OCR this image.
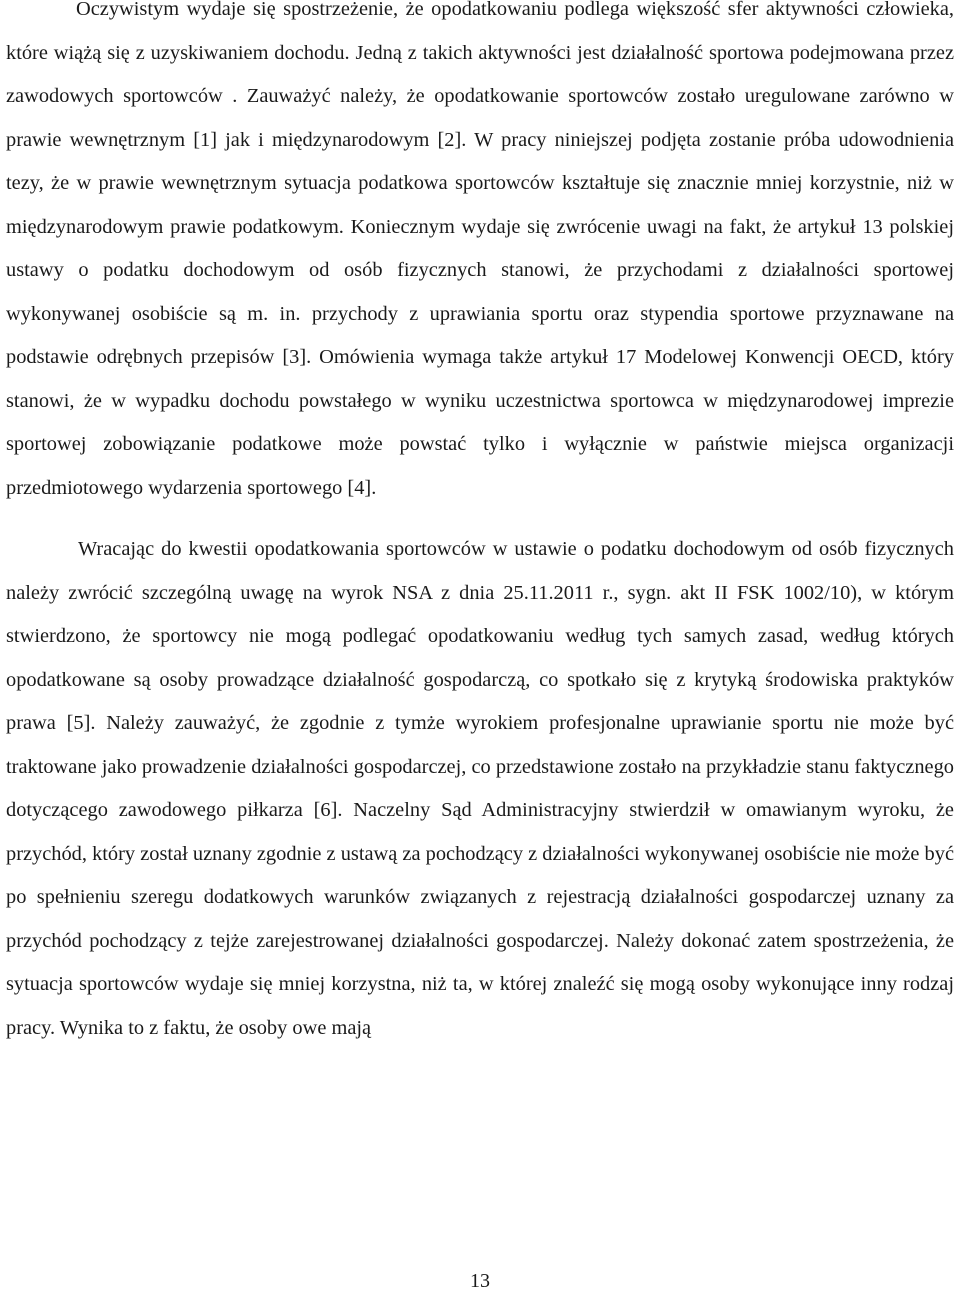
Oczywistym wydaje się spostrzeżenie, że opodatkowaniu podlega większość sfer aktywności człowieka, które wiążą się z uzyskiwaniem dochodu. Jedną z takich aktywności jest działalność sportowa podejmowana przez zawodowych sportowców . Zauważyć należy, że opodatkowanie sportowców zostało uregulowane zarówno w prawie wewnętrznym [1] jak i międzynarodowym [2]. W pracy niniejszej podjęta zostanie próba udowodnienia tezy, że w prawie wewnętrznym sytuacja podatkowa sportowców kształtuje się znacznie mniej korzystnie, niż w międzynarodowym prawie podatkowym. Koniecznym wydaje się zwrócenie uwagi na fakt, że artykuł 13 polskiej ustawy o podatku dochodowym od osób fizycznych stanowi, że przychodami z działalności sportowej wykonywanej osobiście są m. in. przychody z uprawiania sportu oraz stypendia sportowe przyznawane na podstawie odrębnych przepisów [3]. Omówienia wymaga także artykuł 17 Modelowej Konwencji OECD, który stanowi, że w wypadku dochodu powstałego w wyniku uczestnictwa sportowca w międzynarodowej imprezie sportowej zobowiązanie podatkowe może powstać tylko i wyłącznie w państwie miejsca organizacji przedmiotowego wydarzenia sportowego [4].

Wracając do kwestii opodatkowania sportowców w ustawie o podatku dochodowym od osób fizycznych należy zwrócić szczególną uwagę na wyrok NSA z dnia 25.11.2011 r., sygn. akt II FSK 1002/10), w którym stwierdzono, że sportowcy nie mogą podlegać opodatkowaniu według tych samych zasad, według których opodatkowane są osoby prowadzące działalność gospodarczą, co spotkało się z krytyką środowiska praktyków prawa [5]. Należy zauważyć, że zgodnie z tymże wyrokiem profesjonalne uprawianie sportu nie może być traktowane jako prowadzenie działalności gospodarczej, co przedstawione zostało na przykładzie stanu faktycznego dotyczącego zawodowego piłkarza [6]. Naczelny Sąd Administracyjny stwierdził w omawianym wyroku, że przychód, który został uznany zgodnie z ustawą za pochodzący z działalności wykonywanej osobiście nie może być po spełnieniu szeregu dodatkowych warunków związanych z rejestracją działalności gospodarczej uznany za przychód pochodzący z tejże zarejestrowanej działalności gospodarczej. Należy dokonać zatem spostrzeżenia, że sytuacja sportowców wydaje się mniej korzystna, niż ta, w której znaleźć się mogą osoby wykonujące inny rodzaj pracy. Wynika to z faktu, że osoby owe mają

13
